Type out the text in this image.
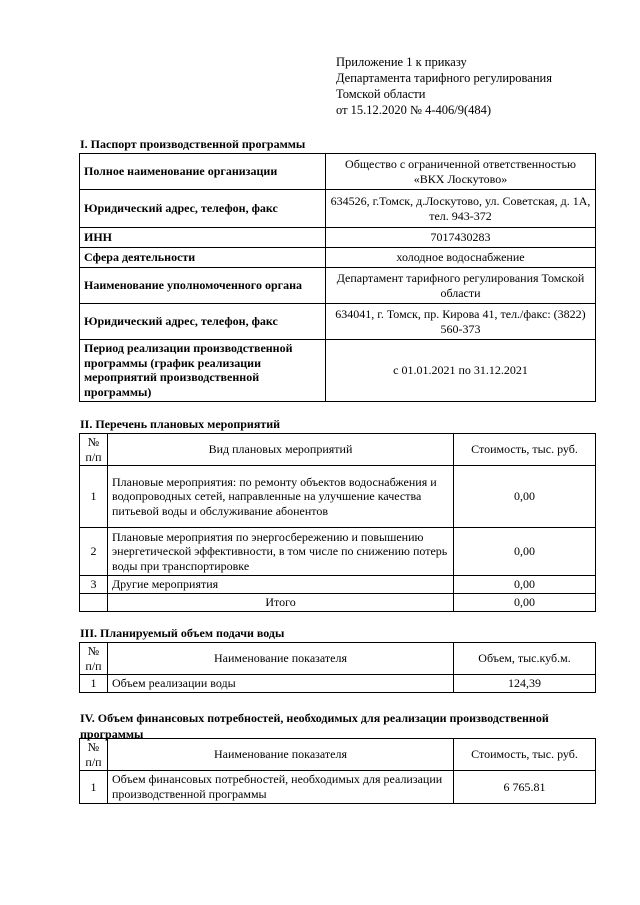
Приложение 1 к приказу
Департамента тарифного регулирования
Томской области
от 15.12.2020 № 4-406/9(484)
I. Паспорт производственной программы
Полное наименование организации	Общество с ограниченной ответственностью «ВКХ Лоскутово»
Юридический адрес, телефон, факс	634526, г.Томск, д.Лоскутово, ул. Советская, д. 1А, тел. 943-372
ИНН	7017430283
Сфера деятельности	холодное водоснабжение
Наименование уполномоченного органа	Департамент тарифного регулирования Томской области
Юридический адрес, телефон, факс	634041, г. Томск, пр. Кирова 41, тел./факс: (3822) 560-373
Период реализации производственной программы (график реализации мероприятий производственной программы)	с 01.01.2021 по 31.12.2021
II. Перечень плановых мероприятий
№ п/п	Вид плановых мероприятий	Стоимость, тыс. руб.
1	Плановые мероприятия: по ремонту объектов водоснабжения и водопроводных сетей, направленные на улучшение качества питьевой воды и обслуживание абонентов	0,00
2	Плановые мероприятия по энергосбережению и повышению энергетической эффективности, в том числе по снижению потерь воды при транспортировке	0,00
3	Другие мероприятия	0,00
	Итого	0,00
III. Планируемый объем подачи воды
№ п/п	Наименование показателя	Объем, тыс.куб.м.
1	Объем реализации воды	124,39
IV. Объем финансовых потребностей, необходимых для реализации производственной программы
№ п/п	Наименование показателя	Стоимость, тыс. руб.
1	Объем финансовых потребностей, необходимых для реализации производственной программы	6 765.81
